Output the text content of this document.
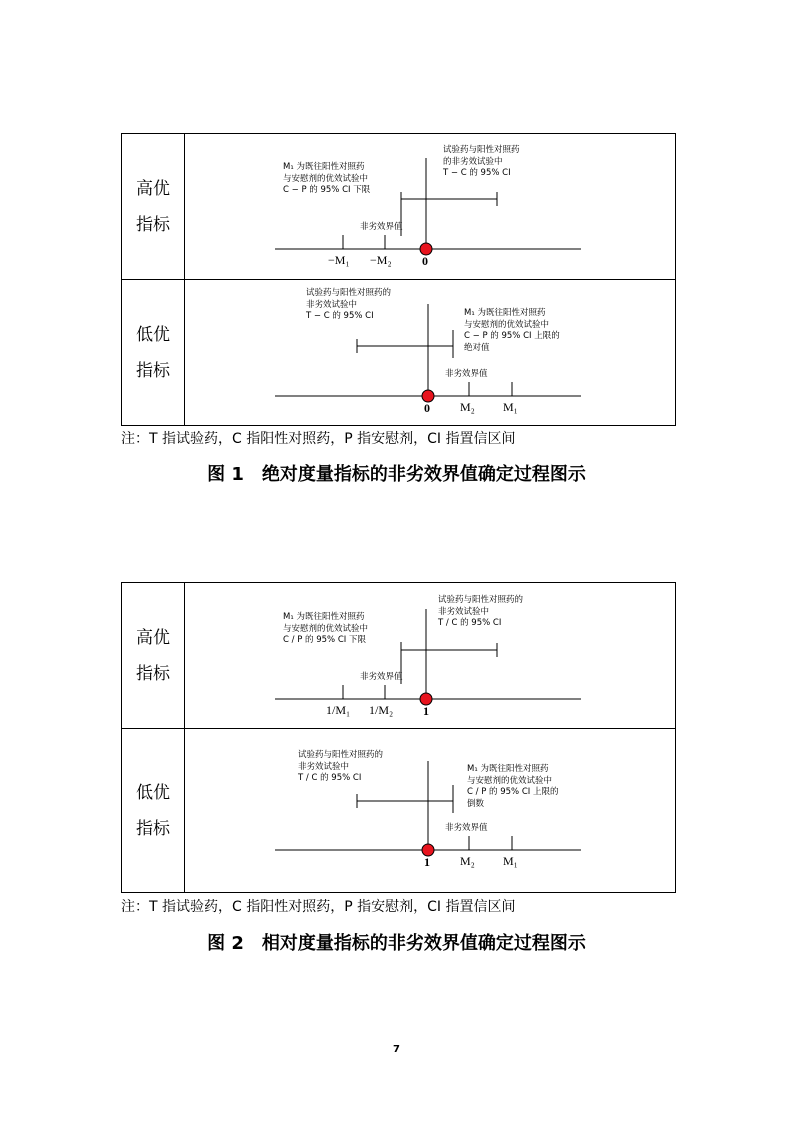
高优
指标
M₁ 为既往阳性对照药
与安慰剂的优效试验中
C − P 的 95% CI 下限
试验药与阳性对照药
的非劣效试验中
T − C 的 95% CI
非劣效界值
−M₁ −M₂	0
低优
指标
试验药与阳性对照药的
非劣效试验中
T − C 的 95% CI	M₁ 为既往阳性对照药
与安慰剂的优效试验中
C − P 的 95% CI 上限的
绝对值
非劣效界值
0	M₂ M₁
注：T 指试验药，C 指阳性对照药，P 指安慰剂，CI 指置信区间
图 1　绝对度量指标的非劣效界值确定过程图示
高优
指标
M₁ 为既往阳性对照药
与安慰剂的优效试验中
C / P 的 95% CI 下限
试验药与阳性对照药的
非劣效试验中
T / C 的 95% CI
非劣效界值
1/M₁ 1/M₂ 1
低优
指标
试验药与阳性对照药的
非劣效试验中
T / C 的 95% CI
M₁ 为既往阳性对照药
与安慰剂的优效试验中
C / P 的 95% CI 上限的
倒数
非劣效界值
1	M₂ M₁
注：T 指试验药，C 指阳性对照药，P 指安慰剂，CI 指置信区间
图 2　相对度量指标的非劣效界值确定过程图示
7
